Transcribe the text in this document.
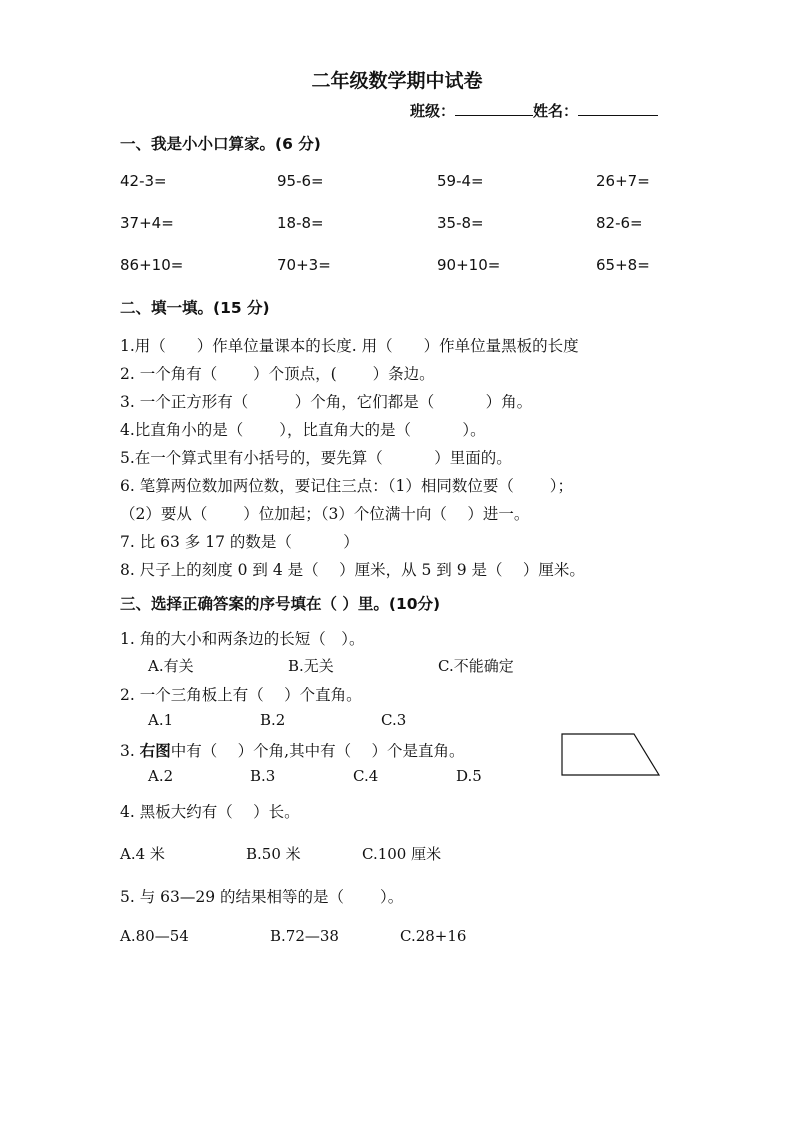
二年级数学期中试卷
班级：	姓名：
一、我是小小口算家。(6 分)
42-3=	95-6=	59-4=	26+7=
37+4=	18-8=	35-8=	82-6=
86+10=	70+3=	90+10=	65+8=
二、填一填。(15 分)
1.用（　　）作单位量课本的长度. 用（　　）作单位量黑板的长度
2. 一个角有（　　 ）个顶点，(　　 ）条边。
3. 一个正方形有（　　　）个角，它们都是（　　　 ）角。
4.比直角小的是（　　 ），比直角大的是（　　　 ）。
5.在一个算式里有小括号的，要先算（　　　 ）里面的。
6. 笔算两位数加两位数，要记住三点：（1）相同数位要（　　 ）；
（2）要从（　　 ）位加起；（3）个位满十向（　 ）进一。
7. 比 63 多 17 的数是（　　　 ）
8. 尺子上的刻度 0 到 4 是（　 ）厘米，从 5 到 9 是（　 ）厘米。
三、选择正确答案的序号填在（ ）里。(10分)
1. 角的大小和两条边的长短（　）。
A.有关	B.无关	C.不能确定
2. 一个三角板上有（　 ）个直角。
A.1	B.2	C.3
3. 右图中有（　 ）个角,其中有（　 ）个是直角。
A.2	B.3	C.4	D.5
4. 黑板大约有（　 ）长。
A.4 米	B.50 米	C.100 厘米
5. 与 63—29 的结果相等的是（　　 ）。
A.80—54	B.72—38	C.28+16
